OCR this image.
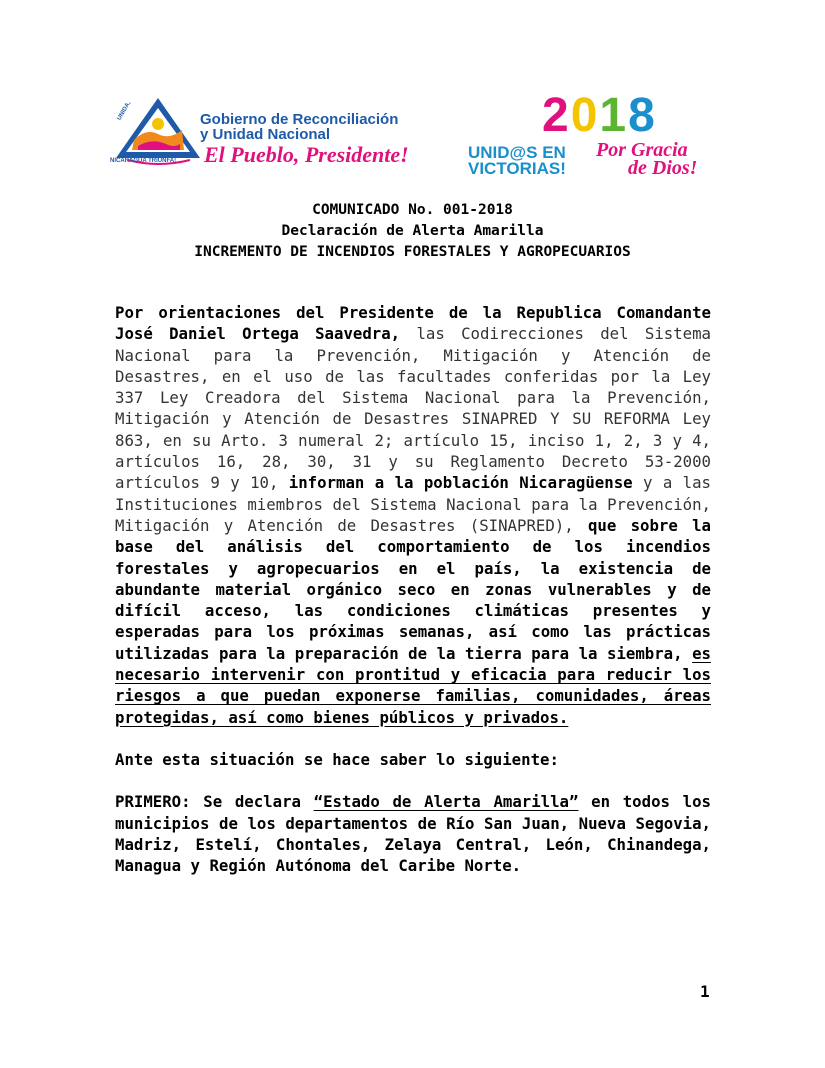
UNIDA,
NICARAGUA TRIUNFA!
Gobierno de Reconciliación
y Unidad Nacional
El Pueblo, Presidente!
2018
UNID@S EN
VICTORIAS!
Por Gracia
de Dios!
COMUNICADO No. 001-2018
Declaración de Alerta Amarilla
INCREMENTO DE INCENDIOS FORESTALES Y AGROPECUARIOS

Por orientaciones del Presidente de la Republica Comandante José Daniel Ortega Saavedra, las Codirecciones del Sistema Nacional para la Prevención, Mitigación y Atención de Desastres, en el uso de las facultades conferidas por la Ley 337 Ley Creadora del Sistema Nacional para la Prevención, Mitigación y Atención de Desastres SINAPRED Y SU REFORMA Ley 863, en su Arto. 3 numeral 2; artículo 15, inciso 1, 2, 3 y 4, artículos 16, 28, 30, 31 y su Reglamento Decreto 53-2000 artículos 9 y 10, informan a la población Nicaragüense y a las Instituciones miembros del Sistema Nacional para la Prevención, Mitigación y Atención de Desastres (SINAPRED), que sobre la base del análisis del comportamiento de los incendios forestales y agropecuarios en el país, la existencia de abundante material orgánico seco en zonas vulnerables y de difícil acceso, las condiciones climáticas presentes y esperadas para los próximas semanas, así como las prácticas utilizadas para la preparación de la tierra para la siembra, es necesario intervenir con prontitud y eficacia para reducir los riesgos a que puedan exponerse familias, comunidades, áreas protegidas, así como bienes públicos y privados.

Ante esta situación se hace saber lo siguiente:

PRIMERO: Se declara “Estado de Alerta Amarilla” en todos los municipios de los departamentos de Río San Juan, Nueva Segovia, Madriz, Estelí, Chontales, Zelaya Central, León, Chinandega, Managua y Región Autónoma del Caribe Norte.

1
